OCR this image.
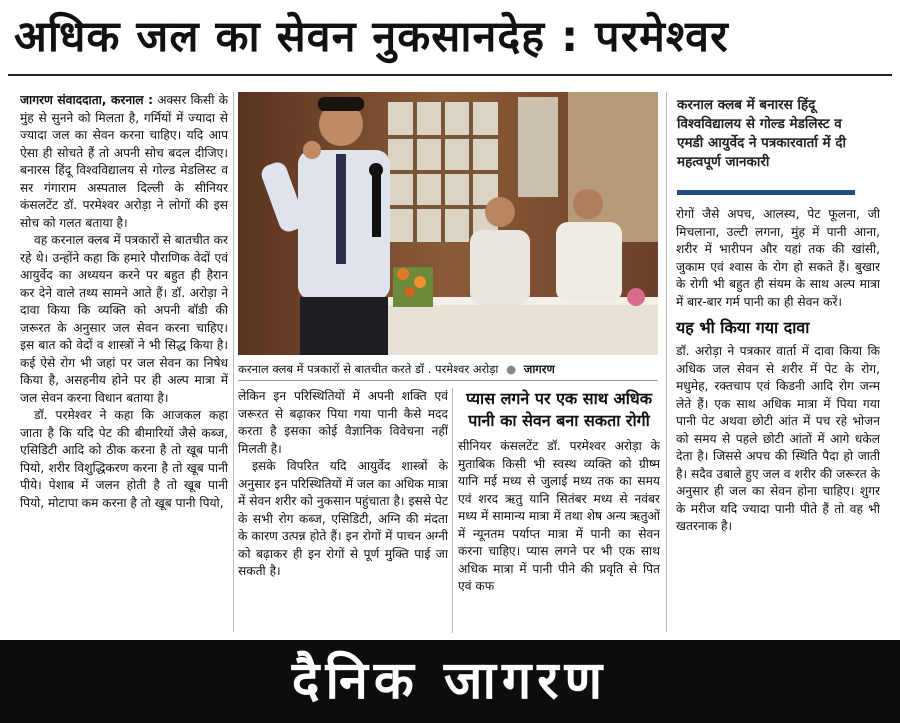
अधिक जल का सेवन नुकसानदेह : परमेश्वर

जागरण संवाददाता, करनाल : अक्सर किसी के मुंह से सुनने को मिलता है, गर्मियों में ज्यादा से ज्यादा जल का सेवन करना चाहिए। यदि आप ऐसा ही सोचते हैं तो अपनी सोच बदल दीजिए। बनारस हिंदू विश्वविद्यालय से गोल्ड मेडलिस्ट व सर गंगाराम अस्पताल दिल्ली के सीनियर कंसलटेंट डॉ. परमेश्वर अरोड़ा ने लोगों की इस सोच को गलत बताया है।

वह करनाल क्लब में पत्रकारों से बातचीत कर रहे थे। उन्होंने कहा कि हमारे पौराणिक वेदों एवं आयुर्वेद का अध्ययन करने पर बहुत ही हैरान कर देने वाले तथ्य सामने आते हैं। डॉ. अरोड़ा ने दावा किया कि व्यक्ति को अपनी बॉडी की जरूरत के अनुसार जल सेवन करना चाहिए। इस बात को वेदों व शास्त्रों ने भी सिद्ध किया है। कई ऐसे रोग भी जहां पर जल सेवन का निषेध किया है, असहनीय होने पर ही अल्प मात्रा में जल सेवन करना विधान बताया है।

डॉ. परमेश्वर ने कहा कि आजकल कहा जाता है कि यदि पेट की बीमारियों जैसे कब्ज, एसिडिटी आदि को ठीक करना है तो खूब पानी पियो, शरीर विशुद्धिकरण करना है तो खूब पानी पीये। पेशाब में जलन होती है तो खूब पानी पियो, मोटापा कम करना है तो खूब पानी पियो,

करनाल क्लब में पत्रकारों से बातचीत करते डॉ . परमेश्वर अरोड़ा ● जागरण

लेकिन इन परिस्थितियों में अपनी शक्ति एवं जरूरत से बढ़ाकर पिया गया पानी कैसे मदद करता है इसका कोई वैज्ञानिक विवेचना नहीं मिलती है।

इसके विपरित यदि आयुर्वेद शास्त्रों के अनुसार इन परिस्थितियों में जल का अधिक मात्रा में सेवन शरीर को नुकसान पहुंचाता है। इससे पेट के सभी रोग कब्ज, एसिडिटी, अग्नि की मंदता के कारण उत्पन्न होते हैं। इन रोगों में पाचन अग्नी को बढ़ाकर ही इन रोगों से पूर्ण मुक्ति पाई जा सकती है।

प्यास लगने पर एक साथ अधिक पानी का सेवन बना सकता रोगी
सीनियर कंसलटेंट डॉ. परमेश्वर अरोड़ा के मुताबिक किसी भी स्वस्थ व्यक्ति को ग्रीष्म यानि मई मध्य से जुलाई मध्य तक का समय एवं शरद ऋतु यानि सितंबर मध्य से नवंबर मध्य में सामान्य मात्रा में तथा शेष अन्य ऋतुओं में न्यूनतम पर्याप्त मात्रा में पानी का सेवन करना चाहिए। प्यास लगने पर भी एक साथ अधिक मात्रा में पानी पीने की प्रवृति से पित एवं कफ
करनाल क्लब में बनारस हिंदू विश्वविद्यालय से गोल्ड मेडलिस्ट व एमडी आयुर्वेद ने पत्रकारवार्ता में दी महत्वपूर्ण जानकारी
रोगों जैसे अपच, आलस्य, पेट फूलना, जी मिचलाना, उल्टी लगना, मुंह में पानी आना, शरीर में भारीपन और यहां तक की खांसी, जुकाम एवं श्वास के रोग हो सकते हैं। बुखार के रोगी भी बहुत ही संयम के साथ अल्प मात्रा में बार-बार गर्म पानी का ही सेवन करें।
यह भी किया गया दावा
डॉ. अरोड़ा ने पत्रकार वार्ता में दावा किया कि अधिक जल सेवन से शरीर में पेट के रोग, मधुमेह, रक्तचाप एवं किडनी आदि रोग जन्म लेते हैं। एक साथ अधिक मात्रा में पिया गया पानी पेट अथवा छोटी आंत में पच रहे भोजन को समय से पहले छोटी आंतों में आगे धकेल देता है। जिससे अपच की स्थिति पैदा हो जाती है। सदैव उबाले हुए जल व शरीर की जरूरत के अनुसार ही जल का सेवन होना चाहिए। शुगर के मरीज यदि ज्यादा पानी पीते हैं तो वह भी खतरनाक है।
दैनिक जागरण
